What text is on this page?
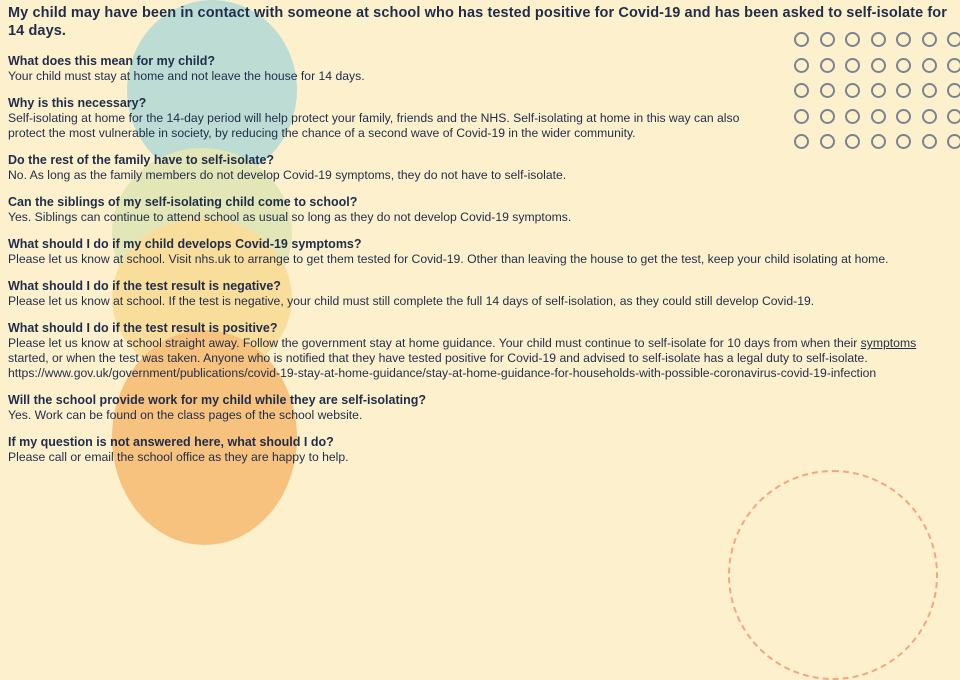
My child may have been in contact with someone at school who has tested positive for Covid-19 and has been asked to self-isolate for 14 days.
What does this mean for my child?
Your child must stay at home and not leave the house for 14 days.
Why is this necessary?
Self-isolating at home for the 14-day period will help protect your family, friends and the NHS. Self-isolating at home in this way can also protect the most vulnerable in society, by reducing the chance of a second wave of Covid-19 in the wider community.
Do the rest of the family have to self-isolate?
No. As long as the family members do not develop Covid-19 symptoms, they do not have to self-isolate.
Can the siblings of my self-isolating child come to school?
Yes. Siblings can continue to attend school as usual so long as they do not develop Covid-19 symptoms.
What should I do if my child develops Covid-19 symptoms?
Please let us know at school. Visit nhs.uk to arrange to get them tested for Covid-19. Other than leaving the house to get the test, keep your child isolating at home.
What should I do if the test result is negative?
Please let us know at school. If the test is negative, your child must still complete the full 14 days of self-isolation, as they could still develop Covid-19.
What should I do if the test result is positive?
Please let us know at school straight away. Follow the government stay at home guidance. Your child must continue to self-isolate for 10 days from when their symptoms started, or when the test was taken. Anyone who is notified that they have tested positive for Covid-19 and advised to self-isolate has a legal duty to self-isolate. https://www.gov.uk/government/publications/covid-19-stay-at-home-guidance/stay-at-home-guidance-for-households-with-possible-coronavirus-covid-19-infection
Will the school provide work for my child while they are self-isolating?
Yes. Work can be found on the class pages of the school website.
If my question is not answered here, what should I do?
Please call or email the school office as they are happy to help.
